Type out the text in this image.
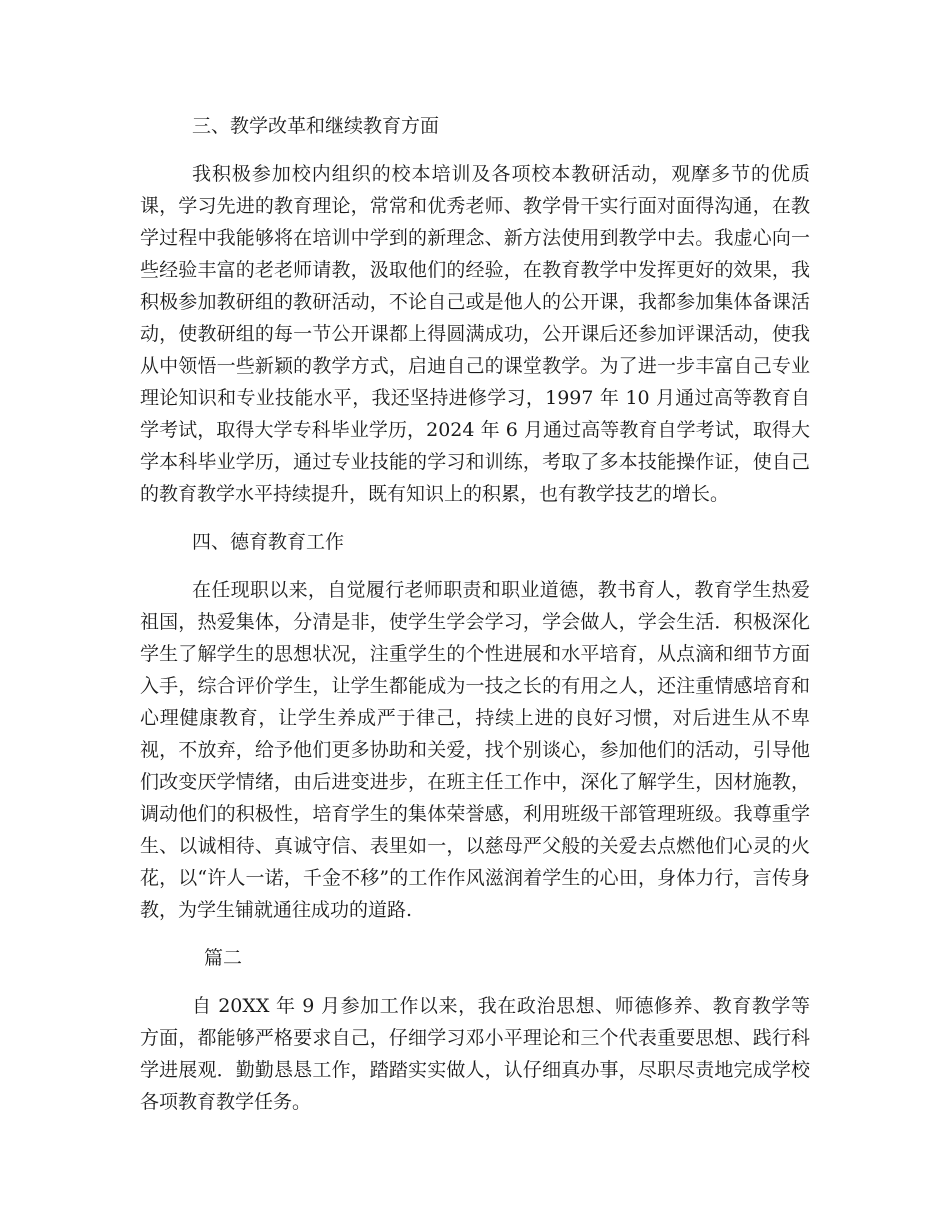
三、教学改革和继续教育方面

我积极参加校内组织的校本培训及各项校本教研活动，观摩多节的优质课，学习先进的教育理论，常常和优秀老师、教学骨干实行面对面得沟通，在教学过程中我能够将在培训中学到的新理念、新方法使用到教学中去。我虚心向一些经验丰富的老老师请教，汲取他们的经验，在教育教学中发挥更好的效果，我积极参加教研组的教研活动，不论自己或是他人的公开课，我都参加集体备课活动，使教研组的每一节公开课都上得圆满成功，公开课后还参加评课活动，使我从中领悟一些新颖的教学方式，启迪自己的课堂教学。为了进一步丰富自己专业理论知识和专业技能水平，我还坚持进修学习，1997 年 10 月通过高等教育自学考试，取得大学专科毕业学历，2024 年 6 月通过高等教育自学考试，取得大学本科毕业学历，通过专业技能的学习和训练，考取了多本技能操作证，使自己的教育教学水平持续提升，既有知识上的积累，也有教学技艺的增长。

四、德育教育工作

在任现职以来，自觉履行老师职责和职业道德，教书育人，教育学生热爱祖国，热爱集体，分清是非，使学生学会学习，学会做人，学会生活．积极深化学生了解学生的思想状况，注重学生的个性进展和水平培育，从点滴和细节方面入手，综合评价学生，让学生都能成为一技之长的有用之人，还注重情感培育和心理健康教育，让学生养成严于律己，持续上进的良好习惯，对后进生从不卑视，不放弃，给予他们更多协助和关爱，找个别谈心，参加他们的活动，引导他们改变厌学情绪，由后进变进步，在班主任工作中，深化了解学生，因材施教，调动他们的积极性，培育学生的集体荣誉感，利用班级干部管理班级。我尊重学生、以诚相待、真诚守信、表里如一，以慈母严父般的关爱去点燃他们心灵的火花，以“许人一诺，千金不移”的工作作风滋润着学生的心田，身体力行，言传身教，为学生铺就通往成功的道路.

篇二

自 20XX 年 9 月参加工作以来，我在政治思想、师德修养、教育教学等方面，都能够严格要求自己，仔细学习邓小平理论和三个代表重要思想、践行科学进展观．勤勤恳恳工作，踏踏实实做人，认仔细真办事，尽职尽责地完成学校各项教育教学任务。
